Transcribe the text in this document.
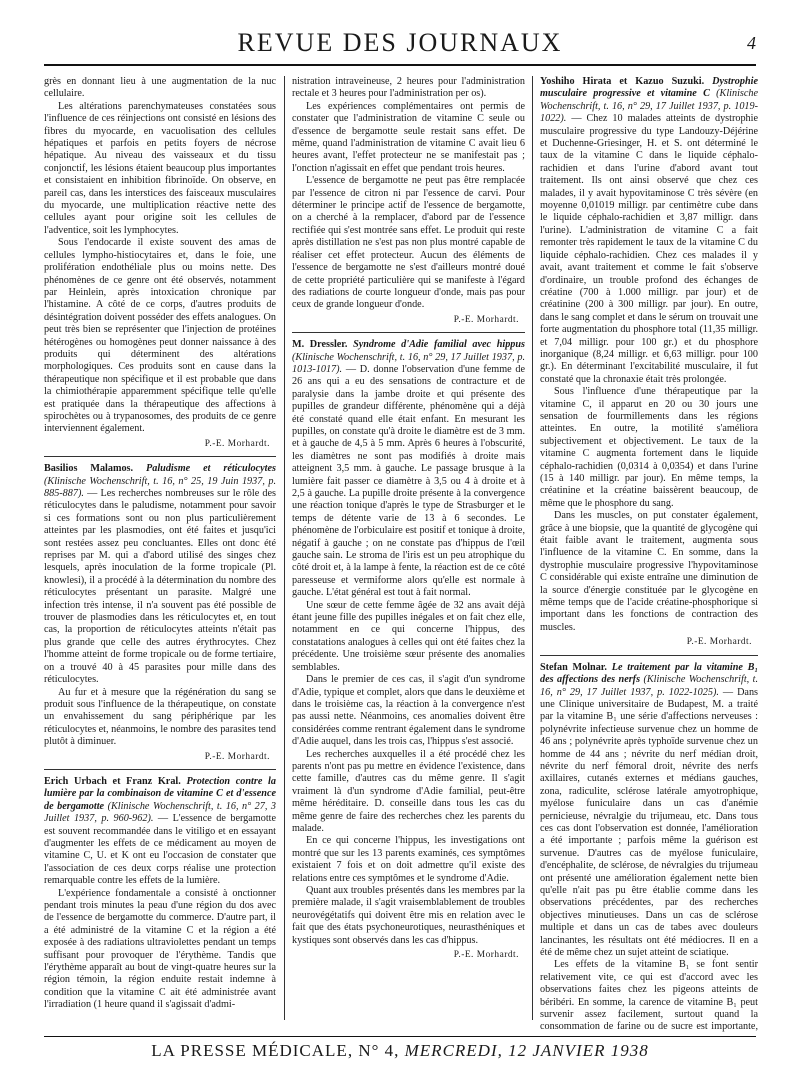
REVUE DES JOURNAUX	4

grès en donnant lieu à une augmentation de la nuc cellulaire.

Les altérations parenchymateuses constatées sous l'influence de ces réinjections ont consisté en lésions des fibres du myocarde, en vacuolisation des cellules hépatiques et parfois en petits foyers de nécrose hépatique. Au niveau des vaisseaux et du tissu conjonctif, les lésions étaient beaucoup plus importantes et consistaient en inhibition fibrinoïde. On observe, en pareil cas, dans les interstices des faisceaux musculaires du myocarde, une multiplication réactive nette des cellules ayant pour origine soit les cellules de l'adventice, soit les lymphocytes.

Sous l'endocarde il existe souvent des amas de cellules lympho-histiocytaires et, dans le foie, une prolifération endothéliale plus ou moins nette. Des phénomènes de ce genre ont été observés, notamment par Heinlein, après intoxication chronique par l'histamine. A côté de ce corps, d'autres produits de désintégration doivent posséder des effets analogues. On peut très bien se représenter que l'injection de protéines hétérogènes ou homogènes peut donner naissance à des produits qui déterminent des altérations morphologiques. Ces produits sont en cause dans la thérapeutique non spécifique et il est probable que dans la chimiothérapie apparemment spécifique telle qu'elle est pratiquée dans la thérapeutique des affections à spirochètes ou à trypanosomes, des produits de ce genre interviennent également.

P.-E. Morhardt.

Basilios Malamos. Paludisme et réticulocytes (Klinische Wochenschrift, t. 16, n° 25, 19 Juin 1937, p. 885-887). — Les recherches nombreuses sur le rôle des réticulocytes dans le paludisme, notamment pour savoir si ces formations sont ou non plus particulièrement atteintes par les plasmodies, ont été faites et jusqu'ici sont restées assez peu concluantes. Elles ont donc été reprises par M. qui a d'abord utilisé des singes chez lesquels, après inoculation de la forme tropicale (Pl. knowlesi), il a procédé à la détermination du nombre des réticulocytes présentant un parasite. Malgré une infection très intense, il n'a souvent pas été possible de trouver de plasmodies dans les réticulocytes et, en tout cas, la proportion de réticulocytes atteints n'était pas plus grande que celle des autres érythrocytes. Chez l'homme atteint de forme tropicale ou de forme tertiaire, on a trouvé 40 à 45 parasites pour mille dans des réticulocytes.

Au fur et à mesure que la régénération du sang se produit sous l'influence de la thérapeutique, on constate un envahissement du sang périphérique par les réticulocytes et, néanmoins, le nombre des parasites tend plutôt à diminuer.

P.-E. Morhardt.

Erich Urbach et Franz Kral. Protection contre la lumière par la combinaison de vitamine C et d'essence de bergamotte (Klinische Wochenschrift, t. 16, n° 27, 3 Juillet 1937, p. 960-962). — L'essence de bergamotte est souvent recommandée dans le vitiligo et en essayant d'augmenter les effets de ce médicament au moyen de vitamine C, U. et K ont eu l'occasion de constater que l'association de ces deux corps réalise une protection remarquable contre les effets de la lumière.

L'expérience fondamentale a consisté à onctionner pendant trois minutes la peau d'une région du dos avec de l'essence de bergamotte du commerce. D'autre part, il a été administré de la vitamine C et la région a été exposée à des radiations ultraviolettes pendant un temps suffisant pour provoquer de l'érythème. Tandis que l'érythème apparaît au bout de vingt-quatre heures sur la région témoin, la région enduite restait indemne à condition que la vitamine C ait été administrée avant l'irradiation (1 heure quand il s'agissait d'admi-

nistration intraveineuse, 2 heures pour l'administration rectale et 3 heures pour l'administration per os).

Les expériences complémentaires ont permis de constater que l'administration de vitamine C seule ou d'essence de bergamotte seule restait sans effet. De même, quand l'administration de vitamine C avait lieu 6 heures avant, l'effet protecteur ne se manifestait pas ; l'onction n'agissait en effet que pendant trois heures.

L'essence de bergamotte ne peut pas être remplacée par l'essence de citron ni par l'essence de carvi. Pour déterminer le principe actif de l'essence de bergamotte, on a cherché à la remplacer, d'abord par de l'essence rectifiée qui s'est montrée sans effet. Le produit qui reste après distillation ne s'est pas non plus montré capable de réaliser cet effet protecteur. Aucun des éléments de l'essence de bergamotte ne s'est d'ailleurs montré doué de cette propriété particulière qui se manifeste à l'égard des radiations de courte longueur d'onde, mais pas pour ceux de grande longueur d'onde.

P.-E. Morhardt.

M. Dressler. Syndrome d'Adie familial avec hippus (Klinische Wochenschrift, t. 16, n° 29, 17 Juillet 1937, p. 1013-1017). — D. donne l'observation d'une femme de 26 ans qui a eu des sensations de contracture et de paralysie dans la jambe droite et qui présente des pupilles de grandeur différente, phénomène qui a déjà été constaté quand elle était enfant. En mesurant les pupilles, on constate qu'à droite le diamètre est de 3 mm. et à gauche de 4,5 à 5 mm. Après 6 heures à l'obscurité, les diamètres ne sont pas modifiés à droite mais atteignent 3,5 mm. à gauche. Le passage brusque à la lumière fait passer ce diamètre à 3,5 ou 4 à droite et à 2,5 à gauche. La pupille droite présente à la convergence une réaction tonique d'après le type de Strasburger et le temps de détente varie de 13 à 6 secondes. Le phénomène de l'orbiculaire est positif et tonique à droite, négatif à gauche ; on ne constate pas d'hippus de l'œil gauche sain. Le stroma de l'iris est un peu atrophique du côté droit et, à la lampe à fente, la réaction est de ce côté paresseuse et vermiforme alors qu'elle est normale à gauche. L'état général est tout à fait normal.

Une sœur de cette femme âgée de 32 ans avait déjà étant jeune fille des pupilles inégales et on fait chez elle, notamment en ce qui concerne l'hippus, des constatations analogues à celles qui ont été faites chez la précédente. Une troisième sœur présente des anomalies semblables.

Dans le premier de ces cas, il s'agit d'un syndrome d'Adie, typique et complet, alors que dans le deuxième et dans le troisième cas, la réaction à la convergence n'est pas aussi nette. Néanmoins, ces anomalies doivent être considérées comme rentrant également dans le syndrome d'Adie auquel, dans les trois cas, l'hippus s'est associé.

Les recherches auxquelles il a été procédé chez les parents n'ont pas pu mettre en évidence l'existence, dans cette famille, d'autres cas du même genre. Il s'agit vraiment là d'un syndrome d'Adie familial, peut-être même héréditaire. D. conseille dans tous les cas du même genre de faire des recherches chez les parents du malade.

En ce qui concerne l'hippus, les investigations ont montré que sur les 13 parents examinés, ces symptômes existaient 7 fois et on doit admettre qu'il existe des relations entre ces symptômes et le syndrome d'Adie.

Quant aux troubles présentés dans les membres par la première malade, il s'agit vraisemblablement de troubles neurovégétatifs qui doivent être mis en relation avec le fait que des états psychoneurotiques, neurasthéniques et kystiques sont observés dans les cas d'hippus.

P.-E. Morhardt.

Yoshiho Hirata et Kazuo Suzuki. Dystrophie musculaire progressive et vitamine C (Klinische Wochenschrift, t. 16, n° 29, 17 Juillet 1937, p. 1019-1022). — Chez 10 malades atteints de dystrophie musculaire progressive du type Landouzy-Déjérine et Duchenne-Griesinger, H. et S. ont déterminé le taux de la vitamine C dans le liquide céphalo-rachidien et dans l'urine d'abord avant tout traitement. Ils ont ainsi observé que chez ces malades, il y avait hypovitaminose C très sévère (en moyenne 0,01019 milligr. par centimètre cube dans le liquide céphalo-rachidien et 3,87 milligr. dans l'urine). L'administration de vitamine C a fait remonter très rapidement le taux de la vitamine C du liquide céphalo-rachidien. Chez ces malades il y avait, avant traitement et comme le fait s'observe d'ordinaire, un trouble profond des échanges de créatine (700 à 1.000 milligr. par jour) et de créatinine (200 à 300 milligr. par jour). En outre, dans le sang complet et dans le sérum on trouvait une forte augmentation du phosphore total (11,35 milligr. et 7,04 milligr. pour 100 gr.) et du phosphore inorganique (8,24 milligr. et 6,63 milligr. pour 100 gr.). En déterminant l'excitabilité musculaire, il fut constaté que la chronaxie était très prolongée.

Sous l'influence d'une thérapeutique par la vitamine C, il apparut en 20 ou 30 jours une sensation de fourmillements dans les régions atteintes. En outre, la motilité s'améliora subjectivement et objectivement. Le taux de la vitamine C augmenta fortement dans le liquide céphalo-rachidien (0,0314 à 0,0354) et dans l'urine (15 à 140 milligr. par jour). En même temps, la créatinine et la créatine baissèrent beaucoup, de même que le phosphore du sang.

Dans les muscles, on put constater également, grâce à une biopsie, que la quantité de glycogène qui était faible avant le traitement, augmenta sous l'influence de la vitamine C. En somme, dans la dystrophie musculaire progressive l'hypovitaminose C considérable qui existe entraîne une diminution de la source d'énergie constituée par le glycogène en même temps que de l'acide créatine-phosphorique si important dans les fonctions de contraction des muscles.

P.-E. Morhardt.

Stefan Molnar. Le traitement par la vitamine B₁ des affections des nerfs (Klinische Wochenschrift, t. 16, n° 29, 17 Juillet 1937, p. 1022-1025). — Dans une Clinique universitaire de Budapest, M. a traité par la vitamine B₁ une série d'affections nerveuses : polynévrite infectieuse survenue chez un homme de 46 ans ; polynévrite après typhoïde survenue chez un homme de 44 ans ; névrite du nerf médian droit, névrite du nerf fémoral droit, névrite des nerfs axillaires, cutanés externes et médians gauches, zona, radiculite, sclérose latérale amyotrophique, myélose funiculaire dans un cas d'anémie pernicieuse, névralgie du trijumeau, etc. Dans tous ces cas dont l'observation est donnée, l'amélioration a été importante ; parfois même la guérison est survenue. D'autres cas de myélose funiculaire, d'encéphalite, de sclérose, de névralgies du trijumeau ont présenté une amélioration également nette bien qu'elle n'ait pas pu être établie comme dans les observations précédentes, par des recherches objectives minutieuses. Dans un cas de sclérose multiple et dans un cas de tabes avec douleurs lancinantes, les résultats ont été médiocres. Il en a été de même chez un sujet atteint de sciatique.

Les effets de la vitamine B₁ se font sentir relativement vite, ce qui est d'accord avec les observations faites chez les pigeons atteints de béribéri. En somme, la carence de vitamine B₁ peut survenir assez facilement, surtout quand la consommation de farine ou de sucre est importante,

LA PRESSE MÉDICALE, N° 4, MERCREDI, 12 JANVIER 1938
